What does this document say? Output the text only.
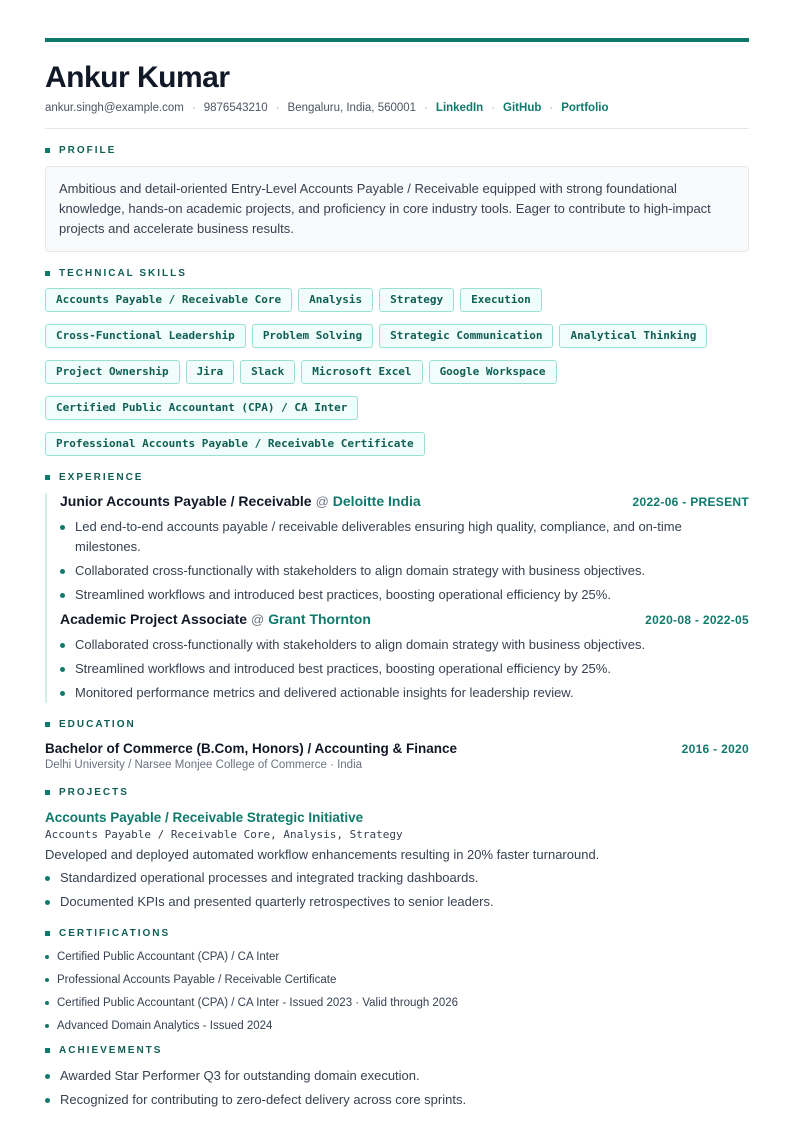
Ankur Kumar
ankur.singh@example.com · 9876543210 · Bengaluru, India, 560001 · LinkedIn · GitHub · Portfolio
PROFILE
Ambitious and detail-oriented Entry-Level Accounts Payable / Receivable equipped with strong foundational knowledge, hands-on academic projects, and proficiency in core industry tools. Eager to contribute to high-impact projects and accelerate business results.
TECHNICAL SKILLS
Accounts Payable / Receivable Core	Analysis	Strategy	Execution
Cross-Functional Leadership	Problem Solving	Strategic Communication	Analytical Thinking
Project Ownership	Jira	Slack	Microsoft Excel	Google Workspace
Certified Public Accountant (CPA) / CA Inter
Professional Accounts Payable / Receivable Certificate
EXPERIENCE
Junior Accounts Payable / Receivable @ Deloitte India	2022-06 - PRESENT
Led end-to-end accounts payable / receivable deliverables ensuring high quality, compliance, and on-time milestones.
Collaborated cross-functionally with stakeholders to align domain strategy with business objectives.
Streamlined workflows and introduced best practices, boosting operational efficiency by 25%.
Academic Project Associate @ Grant Thornton	2020-08 - 2022-05
Collaborated cross-functionally with stakeholders to align domain strategy with business objectives.
Streamlined workflows and introduced best practices, boosting operational efficiency by 25%.
Monitored performance metrics and delivered actionable insights for leadership review.
EDUCATION
Bachelor of Commerce (B.Com, Honors) / Accounting & Finance	2016 - 2020
Delhi University / Narsee Monjee College of Commerce · India
PROJECTS
Accounts Payable / Receivable Strategic Initiative
Accounts Payable / Receivable Core, Analysis, Strategy
Developed and deployed automated workflow enhancements resulting in 20% faster turnaround.
Standardized operational processes and integrated tracking dashboards.
Documented KPIs and presented quarterly retrospectives to senior leaders.
CERTIFICATIONS
Certified Public Accountant (CPA) / CA Inter
Professional Accounts Payable / Receivable Certificate
Certified Public Accountant (CPA) / CA Inter - Issued 2023 · Valid through 2026
Advanced Domain Analytics - Issued 2024
ACHIEVEMENTS
Awarded Star Performer Q3 for outstanding domain execution.
Recognized for contributing to zero-defect delivery across core sprints.
